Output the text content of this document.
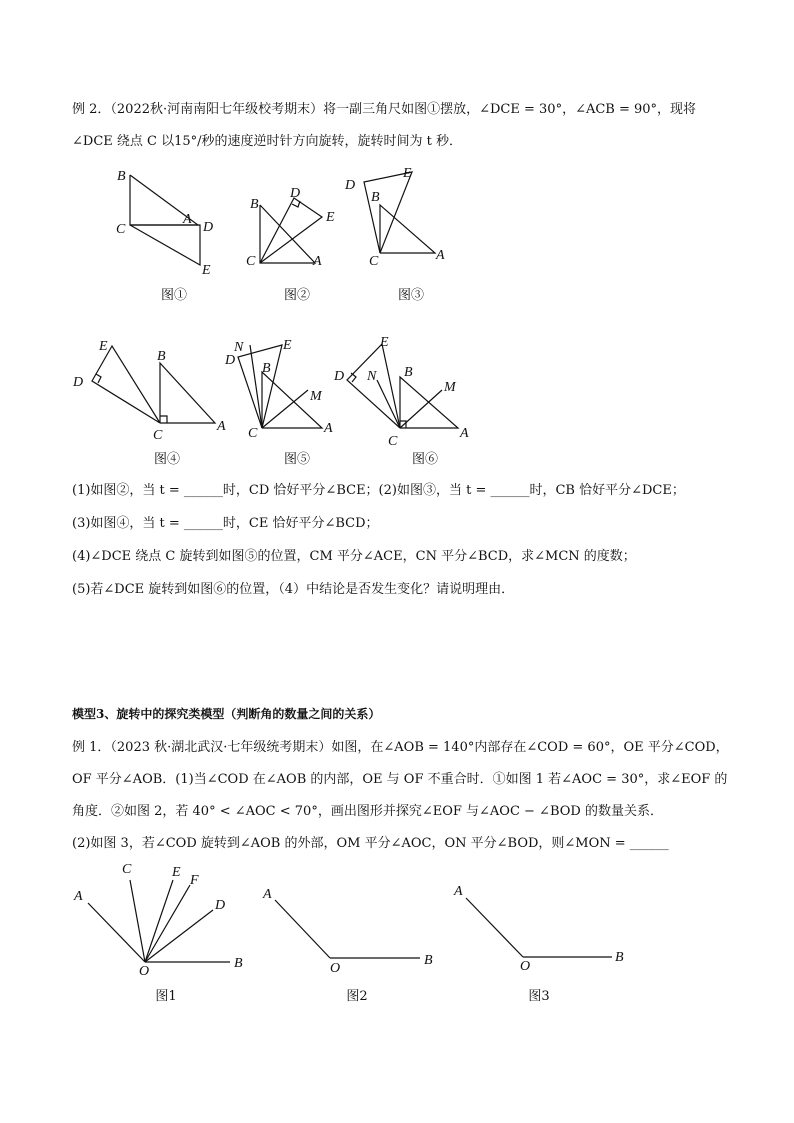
例 2．（2022秋·河南南阳七年级校考期末）将一副三角尺如图①摆放，∠DCE = 30°，∠ACB = 90°，现将
∠DCE 绕点 C 以15°/秒的速度逆时针方向旋转，旋转时间为 t 秒．
B
C
A
D
E
B
D
E
C	A
D
E
B
C	A
图①	图②	图③
E
B
D
A
C
N	E
D
B
M
C	A
E
D N B
M
C
A
图④	图⑤	图⑥
(1)如图②，当 t = ______时，CD 恰好平分∠BCE；(2)如图③，当 t = ______时，CB 恰好平分∠DCE；
(3)如图④，当 t = ______时，CE 恰好平分∠BCD；
(4)∠DCE 绕点 C 旋转到如图⑤的位置，CM 平分∠ACE，CN 平分∠BCD，求∠MCN 的度数；
(5)若∠DCE 旋转到如图⑥的位置，（4）中结论是否发生变化？请说明理由．
模型3、旋转中的探究类模型（判断角的数量之间的关系）
例 1．（2023 秋·湖北武汉·七年级统考期末）如图，在∠AOB = 140°内部存在∠COD = 60°，OE 平分∠COD，
OF 平分∠AOB．(1)当∠COD 在∠AOB 的内部，OE 与 OF 不重合时．①如图 1 若∠AOC = 30°，求∠EOF 的
角度．②如图 2，若 40° < ∠AOC < 70°，画出图形并探究∠EOF 与∠AOC − ∠BOD 的数量关系．
(2)如图 3，若∠COD 旋转到∠AOB 的外部，OM 平分∠AOC，ON 平分∠BOD，则∠MON = ______
A
C	E
F
D
O
B
A
O
B
A
O
B
图1	图2	图3
